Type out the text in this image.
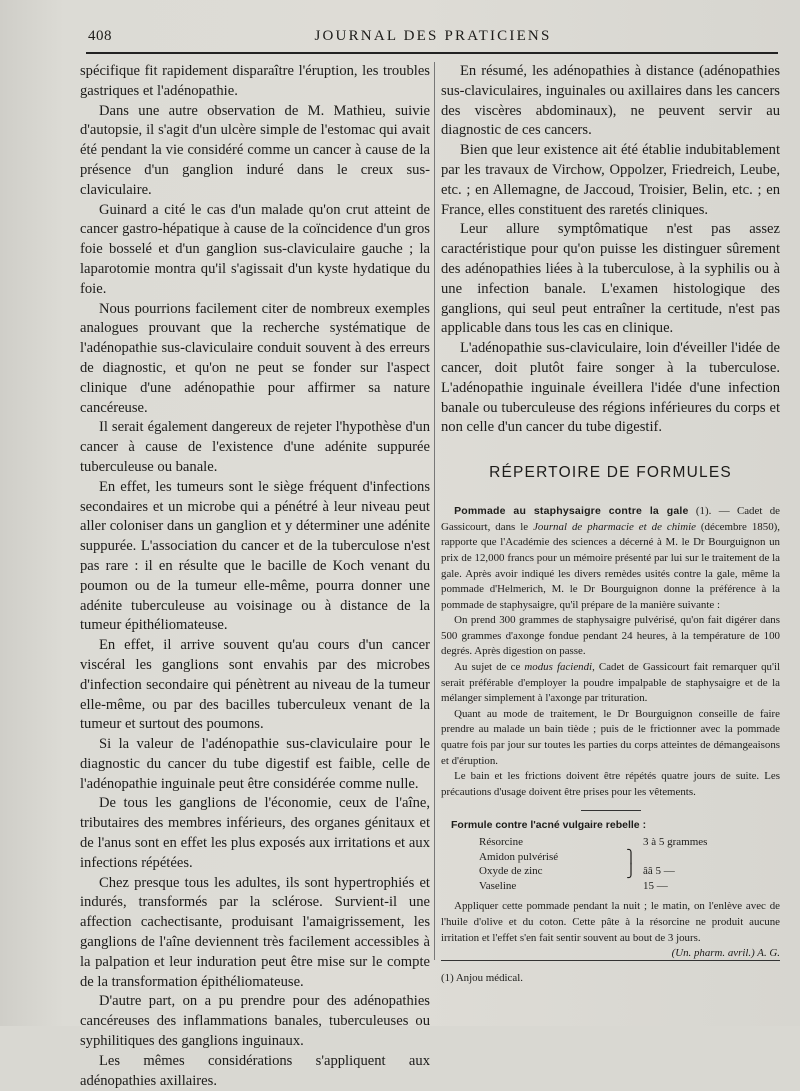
408	JOURNAL DES PRATICIENS

spécifique fit rapidement disparaître l'éruption, les troubles gastriques et l'adénopathie.

Dans une autre observation de M. Mathieu, suivie d'autopsie, il s'agit d'un ulcère simple de l'estomac qui avait été pendant la vie considéré comme un cancer à cause de la présence d'un ganglion induré dans le creux sus-claviculaire.

Guinard a cité le cas d'un malade qu'on crut atteint de cancer gastro-hépatique à cause de la coïncidence d'un gros foie bosselé et d'un ganglion sus-claviculaire gauche ; la laparotomie montra qu'il s'agissait d'un kyste hydatique du foie.

Nous pourrions facilement citer de nombreux exemples analogues prouvant que la recherche systématique de l'adénopathie sus-claviculaire conduit souvent à des erreurs de diagnostic, et qu'on ne peut se fonder sur l'aspect clinique d'une adénopathie pour affirmer sa nature cancéreuse.

Il serait également dangereux de rejeter l'hypothèse d'un cancer à cause de l'existence d'une adénite suppurée tuberculeuse ou banale.

En effet, les tumeurs sont le siège fréquent d'infections secondaires et un microbe qui a pénétré à leur niveau peut aller coloniser dans un ganglion et y déterminer une adénite suppurée. L'association du cancer et de la tuberculose n'est pas rare : il en résulte que le bacille de Koch venant du poumon ou de la tumeur elle-même, pourra donner une adénite tuberculeuse au voisinage ou à distance de la tumeur épithéliomateuse.

En effet, il arrive souvent qu'au cours d'un cancer viscéral les ganglions sont envahis par des microbes d'infection secondaire qui pénètrent au niveau de la tumeur elle-même, ou par des bacilles tuberculeux venant de la tumeur et surtout des poumons.

Si la valeur de l'adénopathie sus-claviculaire pour le diagnostic du cancer du tube digestif est faible, celle de l'adénopathie inguinale peut être considérée comme nulle.

De tous les ganglions de l'économie, ceux de l'aîne, tributaires des membres inférieurs, des organes génitaux et de l'anus sont en effet les plus exposés aux irritations et aux infections répétées.

Chez presque tous les adultes, ils sont hypertrophiés et indurés, transformés par la sclérose. Survient-il une affection cachectisante, produisant l'amaigrissement, les ganglions de l'aîne deviennent très facilement accessibles à la palpation et leur induration peut être mise sur le compte de la transformation épithéliomateuse.

D'autre part, on a pu prendre pour des adénopathies cancéreuses des inflammations banales, tuberculeuses ou syphilitiques des ganglions inguinaux.

Les mêmes considérations s'appliquent aux adénopathies axillaires.

En résumé, les adénopathies à distance (adénopathies sus-claviculaires, inguinales ou axillaires dans les cancers des viscères abdominaux), ne peuvent servir au diagnostic de ces cancers.

Bien que leur existence ait été établie indubitablement par les travaux de Virchow, Oppolzer, Friedreich, Leube, etc. ; en Allemagne, de Jaccoud, Troisier, Belin, etc. ; en France, elles constituent des raretés cliniques.

Leur allure symptômatique n'est pas assez caractéristique pour qu'on puisse les distinguer sûrement des adénopathies liées à la tuberculose, à la syphilis ou à une infection banale. L'examen histologique des ganglions, qui seul peut entraîner la certitude, n'est pas applicable dans tous les cas en clinique.

L'adénopathie sus-claviculaire, loin d'éveiller l'idée de cancer, doit plutôt faire songer à la tuberculose. L'adénopathie inguinale éveillera l'idée d'une infection banale ou tuberculeuse des régions inférieures du corps et non celle d'un cancer du tube digestif.

RÉPERTOIRE DE FORMULES

Pommade au staphysaigre contre la gale (1). — Cadet de Gassicourt, dans le Journal de pharmacie et de chimie (décembre 1850), rapporte que l'Académie des sciences a décerné à M. le Dr Bourguignon un prix de 12,000 francs pour un mémoire présenté par lui sur le traitement de la gale. Après avoir indiqué les divers remèdes usités contre la gale, même la pommade d'Helmerich, M. le Dr Bourguignon donne la préférence à la pommade de staphysaigre, qu'il prépare de la manière suivante :

On prend 300 grammes de staphysaigre pulvérisé, qu'on fait digérer dans 500 grammes d'axonge fondue pendant 24 heures, à la température de 100 degrés. Après digestion on passe.

Au sujet de ce modus faciendi, Cadet de Gassicourt fait remarquer qu'il serait préférable d'employer la poudre impalpable de staphysaigre et de la mélanger simplement à l'axonge par trituration.

Quant au mode de traitement, le Dr Bourguignon conseille de faire prendre au malade un bain tiède ; puis de le frictionner avec la pommade quatre fois par jour sur toutes les parties du corps atteintes de démangeaisons et d'éruption.

Le bain et les frictions doivent être répétés quatre jours de suite. Les précautions d'usage doivent être prises pour les vêtements.

Formule contre l'acné vulgaire rebelle :
Résorcine		3 à 5 grammes
Amidon pulvérisé	⎫	
Oxyde de zinc	⎭	ââ 5 —
Vaseline		15 —

Appliquer cette pommade pendant la nuit ; le matin, on l'enlève avec de l'huile d'olive et du coton. Cette pâte à la résorcine ne produit aucune irritation et l'effet s'en fait sentir souvent au bout de 3 jours.
(Un. pharm. avril.) A. G.

(1) Anjou médical.
